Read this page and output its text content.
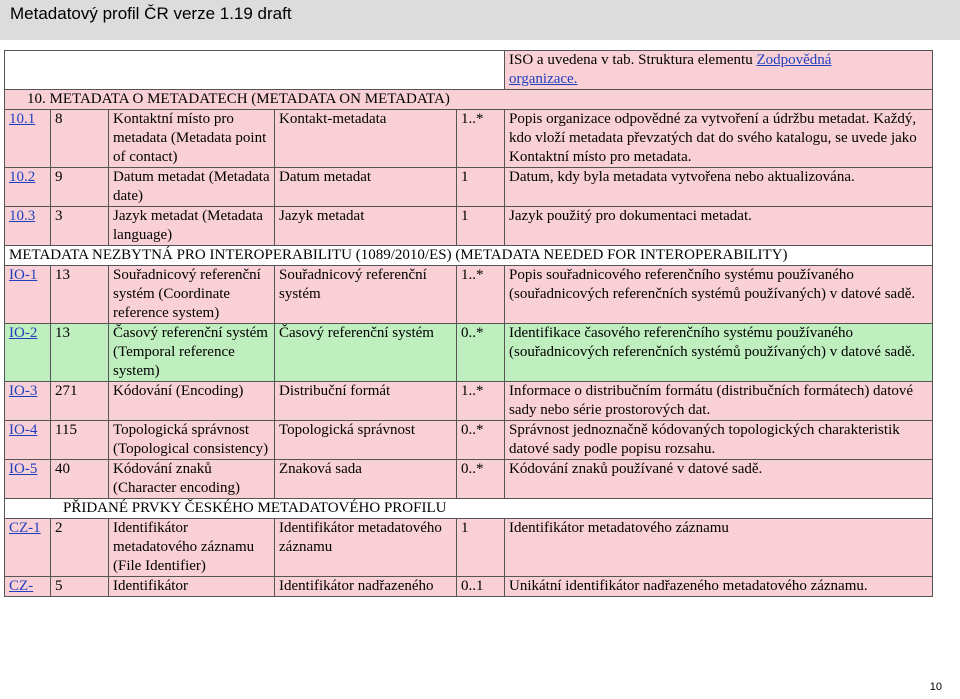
Metadatový profil ČR verze 1.19 draft
					ISO a uvedena v tab. Struktura elementu Zodpovědná
organizace.
10. METADATA O METADATECH (METADATA ON METADATA)					
10.1	8	Kontaktní místo pro metadata (Metadata point of contact)	Kontakt-metadata	1..*	Popis organizace odpovědné za vytvoření a údržbu metadat. Každý, kdo vloží metadata převzatých dat do svého katalogu, se uvede jako Kontaktní místo pro metadata.
10.2	9	Datum metadat (Metadata date)	Datum metadat	1	Datum, kdy byla metadata vytvořena nebo aktualizována.
10.3	3	Jazyk metadat (Metadata language)	Jazyk metadat	1	Jazyk použitý pro dokumentaci metadat.
METADATA NEZBYTNÁ PRO INTEROPERABILITU (1089/2010/ES) (METADATA NEEDED FOR INTEROPERABILITY)					
IO-1	13	Souřadnicový referenční systém (Coordinate reference system)	Souřadnicový referenční systém	1..*	Popis souřadnicového referenčního systému používaného (souřadnicových referenčních systémů používaných) v datové sadě.
IO-2	13	Časový referenční systém (Temporal reference system)	Časový referenční systém	0..*	Identifikace časového referenčního systému používaného (souřadnicových referenčních systémů používaných) v datové sadě.
IO-3	271	Kódování (Encoding)	Distribuční formát	1..*	Informace o distribučním formátu (distribučních formátech) datové sady nebo série prostorových dat.
IO-4	115	Topologická správnost (Topological consistency)	Topologická správnost	0..*	Správnost jednoznačně kódovaných topologických charakteristik datové sady podle popisu rozsahu.
IO-5	40	Kódování znaků (Character encoding)	Znaková sada	0..*	Kódování znaků používané v datové sadě.
PŘIDANÉ PRVKY ČESKÉHO METADATOVÉHO PROFILU					
CZ-1	2	Identifikátor metadatového záznamu (File Identifier)	Identifikátor metadatového záznamu	1	Identifikátor metadatového záznamu
CZ-	5	Identifikátor	Identifikátor nadřazeného	0..1	Unikátní identifikátor nadřazeného metadatového záznamu.
10
